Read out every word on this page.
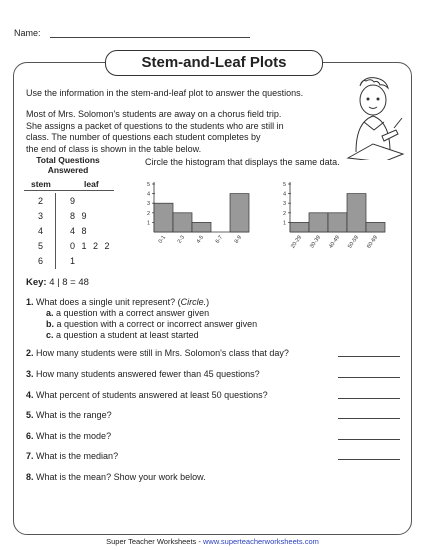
Name:
Stem-and-Leaf Plots
Use the information in the stem-and-leaf plot to answer the questions.
Most of Mrs. Solomon's students are away on a chorus field trip.
She assigns a packet of questions to the students who are still in
class. The number of questions each student completes by
the end of class is shown in the table below.
Total Questions
Answered
stem	leaf
2	9
3	8 9
4	4 8
5	0 1 2 2
6	1
Key: 4 | 8 = 48
Circle the histogram that displays the same data.
1
2
3
4
5
0-1 2-3 4-5 6-7 8-9
1
2
3
4
5
20-29 30-39 40-49 50-59 60-69
1. What does a single unit represent? (Circle.)
a. a question with a correct answer given
b. a question with a correct or incorrect answer given
c. a question a student at least started
2. How many students were still in Mrs. Solomon's class that day?
3. How many students answered fewer than 45 questions?
4. What percent of students answered at least 50 questions?
5. What is the range?
6. What is the mode?
7. What is the median?
8. What is the mean? Show your work below.
Super Teacher Worksheets - www.superteacherworksheets.com
